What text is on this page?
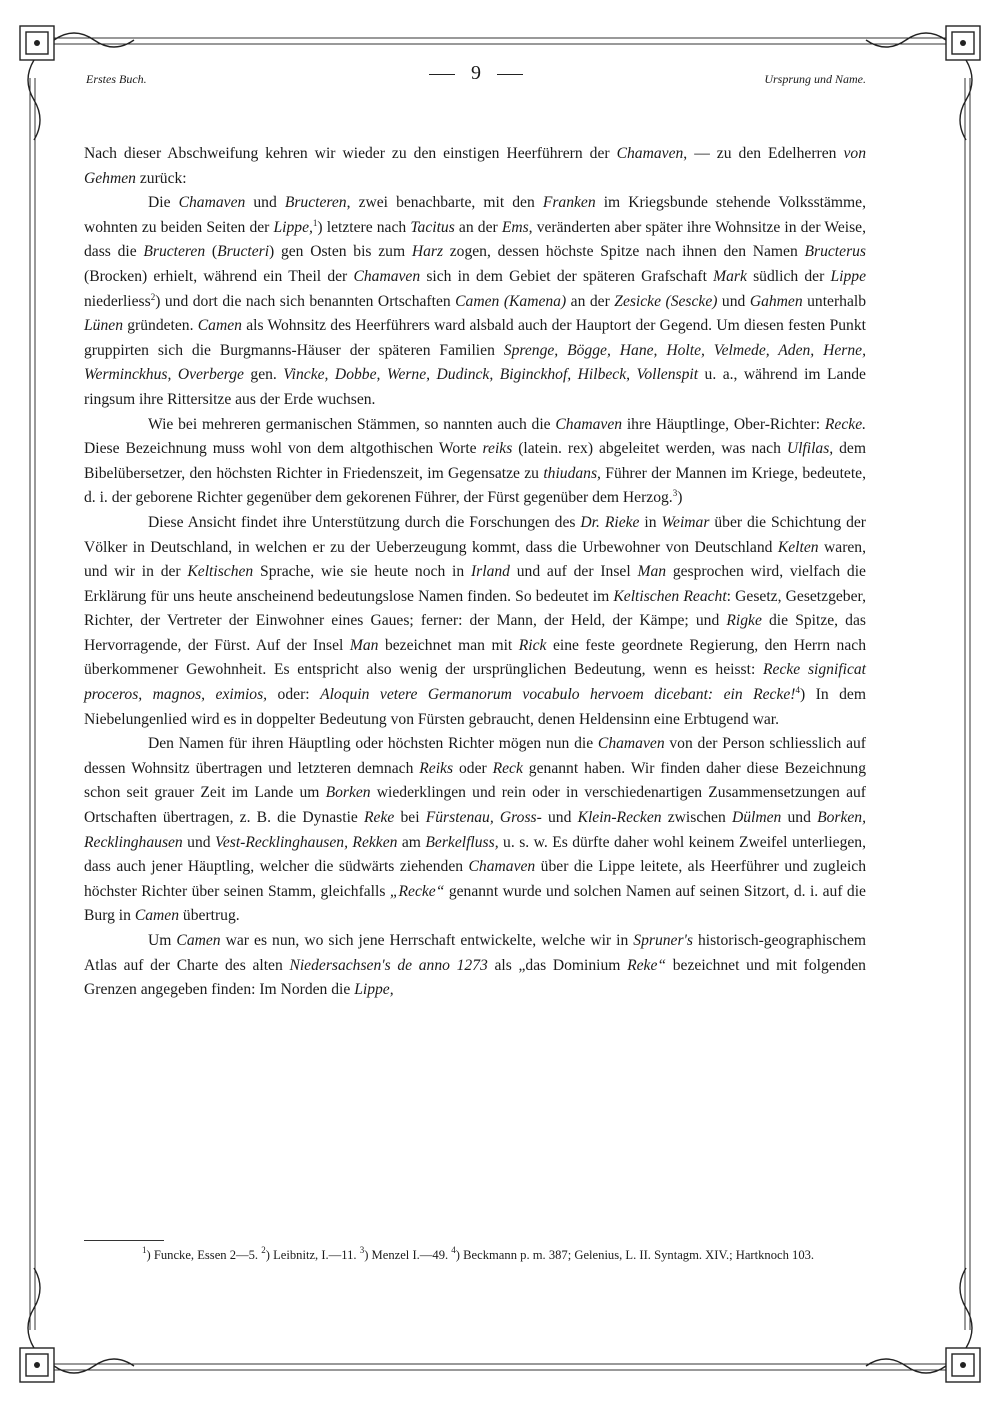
Erstes Buch.	9	Ursprung und Name.

Nach dieser Abschweifung kehren wir wieder zu den einstigen Heerführern der Chamaven, — zu den Edelherren von Gehmen zurück:

Die Chamaven und Bructeren, zwei benachbarte, mit den Franken im Kriegsbunde stehende Volksstämme, wohnten zu beiden Seiten der Lippe,$^1$) letztere nach Tacitus an der Ems, veränderten aber später ihre Wohnsitze in der Weise, dass die Bructeren (Bructeri) gen Osten bis zum Harz zogen, dessen höchste Spitze nach ihnen den Namen Bructerus (Brocken) erhielt, während ein Theil der Chamaven sich in dem Gebiet der späteren Grafschaft Mark südlich der Lippe niederliess$^2$) und dort die nach sich benannten Ortschaften Camen (Kamena) an der Zesicke (Sescke) und Gahmen unterhalb Lünen gründeten. Camen als Wohnsitz des Heerführers ward alsbald auch der Hauptort der Gegend. Um diesen festen Punkt gruppirten sich die Burgmanns-Häuser der späteren Familien Sprenge, Bögge, Hane, Holte, Velmede, Aden, Herne, Werminckhus, Overberge gen. Vincke, Dobbe, Werne, Dudinck, Biginckhof, Hilbeck, Vollenspit u. a., während im Lande ringsum ihre Rittersitze aus der Erde wuchsen.

Wie bei mehreren germanischen Stämmen, so nannten auch die Chamaven ihre Häuptlinge, Ober-Richter: Recke. Diese Bezeichnung muss wohl von dem altgothischen Worte reiks (latein. rex) abgeleitet werden, was nach Ulfilas, dem Bibelübersetzer, den höchsten Richter in Friedenszeit, im Gegensatze zu thiudans, Führer der Mannen im Kriege, bedeutete, d. i. der geborene Richter gegenüber dem gekorenen Führer, der Fürst gegenüber dem Herzog.$^3$)

Diese Ansicht findet ihre Unterstützung durch die Forschungen des Dr. Rieke in Weimar über die Schichtung der Völker in Deutschland, in welchen er zu der Ueberzeugung kommt, dass die Urbewohner von Deutschland Kelten waren, und wir in der Keltischen Sprache, wie sie heute noch in Irland und auf der Insel Man gesprochen wird, vielfach die Erklärung für uns heute anscheinend bedeutungslose Namen finden. So bedeutet im Keltischen Reacht: Gesetz, Gesetzgeber, Richter, der Vertreter der Einwohner eines Gaues; ferner: der Mann, der Held, der Kämpe; und Rigke die Spitze, das Hervorragende, der Fürst. Auf der Insel Man bezeichnet man mit Rick eine feste geordnete Regierung, den Herrn nach überkommener Gewohnheit. Es entspricht also wenig der ursprünglichen Bedeutung, wenn es heisst: Recke significat proceros, magnos, eximios, oder: Aloquin vetere Germanorum vocabulo hervoem dicebant: ein Recke!$^4$) In dem Niebelungenlied wird es in doppelter Bedeutung von Fürsten gebraucht, denen Heldensinn eine Erbtugend war.

Den Namen für ihren Häuptling oder höchsten Richter mögen nun die Chamaven von der Person schliesslich auf dessen Wohnsitz übertragen und letzteren demnach Reiks oder Reck genannt haben. Wir finden daher diese Bezeichnung schon seit grauer Zeit im Lande um Borken wiederklingen und rein oder in verschiedenartigen Zusammensetzungen auf Ortschaften übertragen, z. B. die Dynastie Reke bei Fürstenau, Gross- und Klein-Recken zwischen Dülmen und Borken, Recklinghausen und Vest-Recklinghausen, Rekken am Berkelfluss, u. s. w. Es dürfte daher wohl keinem Zweifel unterliegen, dass auch jener Häuptling, welcher die südwärts ziehenden Chamaven über die Lippe leitete, als Heerführer und zugleich höchster Richter über seinen Stamm, gleichfalls „Recke“ genannt wurde und solchen Namen auf seinen Sitzort, d. i. auf die Burg in Camen übertrug.

Um Camen war es nun, wo sich jene Herrschaft entwickelte, welche wir in Spruner's historisch-geographischem Atlas auf der Charte des alten Niedersachsen's de anno 1273 als „das Dominium Reke“ bezeichnet und mit folgenden Grenzen angegeben finden: Im Norden die Lippe,

$^1$) Funcke, Essen 2—5. $^2$) Leibnitz, I.—11. $^3$) Menzel I.—49. $^4$) Beckmann p. m. 387; Gelenius, L. II. Syntagm. XIV.; Hartknoch 103.
